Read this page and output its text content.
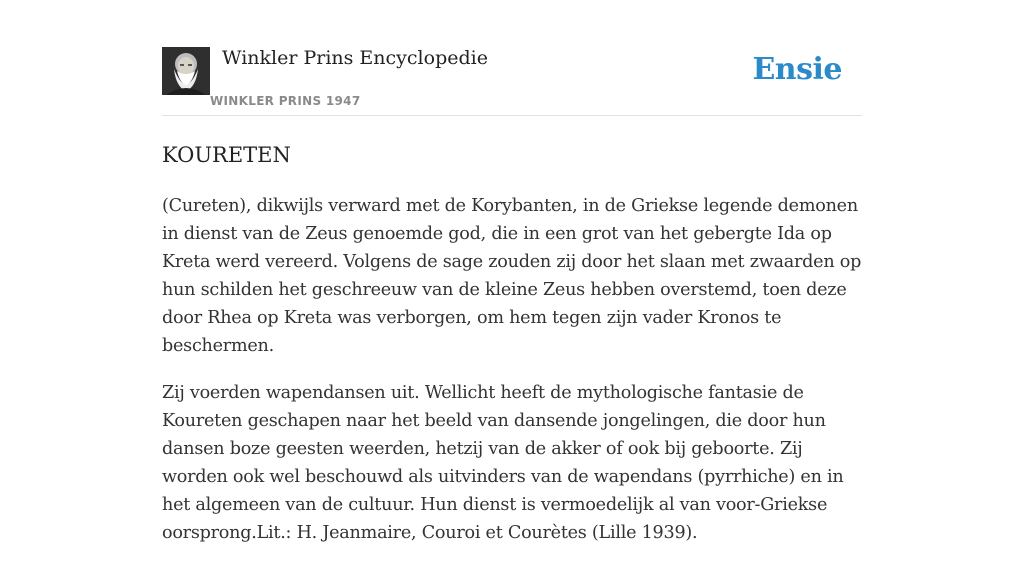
Winkler Prins Encyclopedie
WINKLER PRINS 1947
Ensie
KOURETEN

(Cureten), dikwijls verward met de Korybanten, in de Griekse legende demonen in dienst van de Zeus genoemde god, die in een grot van het gebergte Ida op Kreta werd vereerd. Volgens de sage zouden zij door het slaan met zwaarden op hun schilden het geschreeuw van de kleine Zeus hebben overstemd, toen deze door Rhea op Kreta was verborgen, om hem tegen zijn vader Kronos te beschermen.

Zij voerden wapendansen uit. Wellicht heeft de mythologische fantasie de Koureten geschapen naar het beeld van dansende jongelingen, die door hun dansen boze geesten weerden, hetzij van de akker of ook bij geboorte. Zij worden ook wel beschouwd als uitvinders van de wapendans (pyrrhiche) en in het algemeen van de cultuur. Hun dienst is vermoedelijk al van voor-Griekse oorsprong.Lit.: H. Jeanmaire, Couroi et Courètes (Lille 1939).
